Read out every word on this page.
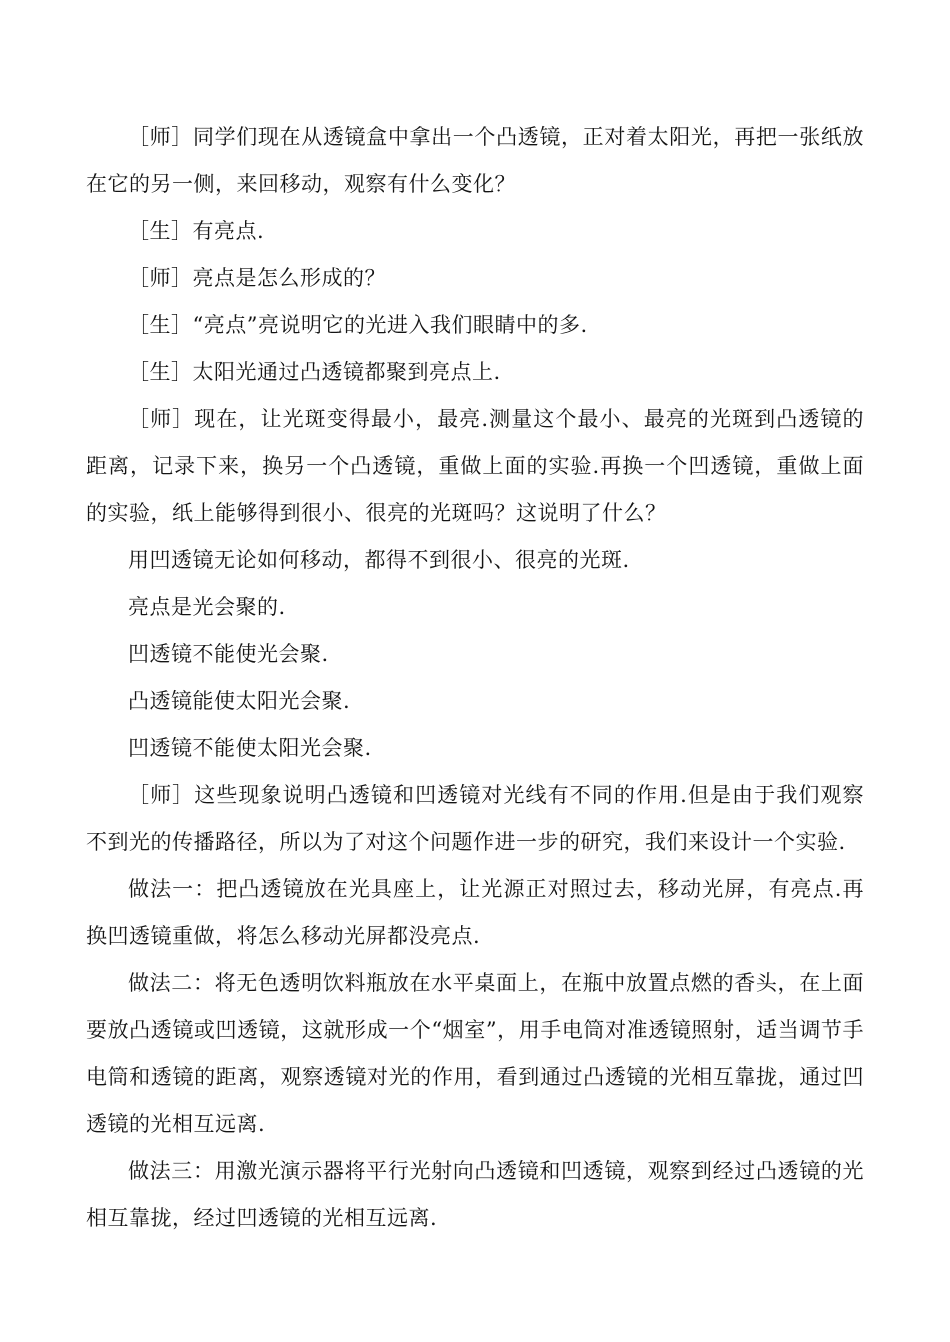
［师］同学们现在从透镜盒中拿出一个凸透镜，正对着太阳光，再把一张纸放在它的另一侧，来回移动，观察有什么变化？

［生］有亮点.

［师］亮点是怎么形成的？

［生］“亮点”亮说明它的光进入我们眼睛中的多.

［生］太阳光通过凸透镜都聚到亮点上.

［师］现在，让光斑变得最小，最亮.测量这个最小、最亮的光斑到凸透镜的距离，记录下来，换另一个凸透镜，重做上面的实验.再换一个凹透镜，重做上面的实验，纸上能够得到很小、很亮的光斑吗？这说明了什么？

用凹透镜无论如何移动，都得不到很小、很亮的光斑.

亮点是光会聚的.

凹透镜不能使光会聚.

凸透镜能使太阳光会聚.

凹透镜不能使太阳光会聚.

［师］这些现象说明凸透镜和凹透镜对光线有不同的作用.但是由于我们观察不到光的传播路径，所以为了对这个问题作进一步的研究，我们来设计一个实验.

做法一：把凸透镜放在光具座上，让光源正对照过去，移动光屏，有亮点.再换凹透镜重做，将怎么移动光屏都没亮点.

做法二：将无色透明饮料瓶放在水平桌面上，在瓶中放置点燃的香头，在上面要放凸透镜或凹透镜，这就形成一个“烟室”，用手电筒对准透镜照射，适当调节手电筒和透镜的距离，观察透镜对光的作用，看到通过凸透镜的光相互靠拢，通过凹透镜的光相互远离.

做法三：用激光演示器将平行光射向凸透镜和凹透镜，观察到经过凸透镜的光相互靠拢，经过凹透镜的光相互远离.
